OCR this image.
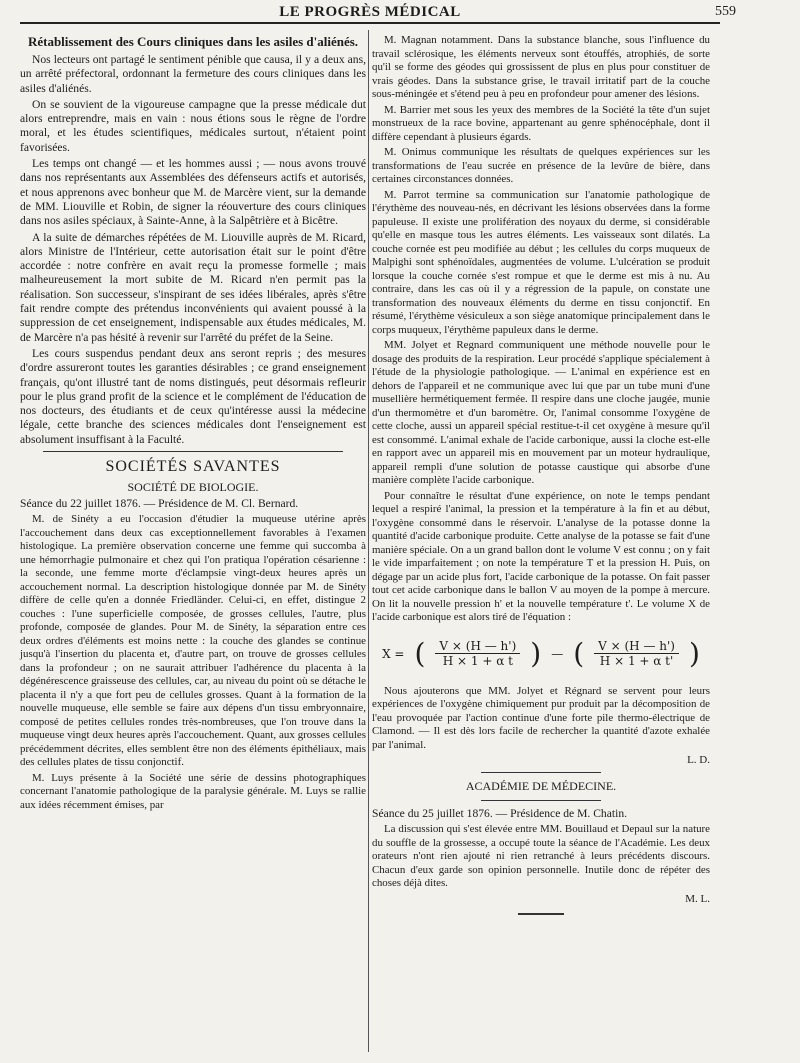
LE PROGRÈS MÉDICAL	559
Rétablissement des Cours cliniques dans les asiles d'aliénés.

Nos lecteurs ont partagé le sentiment pénible que causa, il y a deux ans, un arrêté préfectoral, ordonnant la fermeture des cours cliniques dans les asiles d'aliénés.

On se souvient de la vigoureuse campagne que la presse médicale dut alors entreprendre, mais en vain : nous étions sous le règne de l'ordre moral, et les études scientifiques, médicales surtout, n'étaient point favorisées.

Les temps ont changé — et les hommes aussi ; — nous avons trouvé dans nos représentants aux Assemblées des défenseurs actifs et autorisés, et nous apprenons avec bonheur que M. de Marcère vient, sur la demande de MM. Liouville et Robin, de signer la réouverture des cours cliniques dans nos asiles spéciaux, à Sainte-Anne, à la Salpêtrière et à Bicêtre.

A la suite de démarches répétées de M. Liouville auprès de M. Ricard, alors Ministre de l'Intérieur, cette autorisation était sur le point d'être accordée : notre confrère en avait reçu la promesse formelle ; mais malheureusement la mort subite de M. Ricard n'en permit pas la réalisation. Son successeur, s'inspirant de ses idées libérales, après s'être fait rendre compte des prétendus inconvénients qui avaient poussé à la suppression de cet enseignement, indispensable aux études médicales, M. de Marcère n'a pas hésité à revenir sur l'arrêté du préfet de la Seine.

Les cours suspendus pendant deux ans seront repris ; des mesures d'ordre assureront toutes les garanties désirables ; ce grand enseignement français, qu'ont illustré tant de noms distingués, peut désormais refleurir pour le plus grand profit de la science et le complément de l'éducation de nos docteurs, des étudiants et de ceux qu'intéresse aussi la médecine légale, cette branche des sciences médicales dont l'enseignement est absolument insuffisant à la Faculté.

SOCIÉTÉS SAVANTES
SOCIÉTÉ DE BIOLOGIE.
Séance du 22 juillet 1876. — Présidence de M. Cl. Bernard.

M. de Sinéty a eu l'occasion d'étudier la muqueuse utérine après l'accouchement dans deux cas exceptionnellement favorables à l'examen histologique. La première observation concerne une femme qui succomba à une hémorrhagie pulmonaire et chez qui l'on pratiqua l'opération césarienne : la seconde, une femme morte d'éclampsie vingt-deux heures après un accouchement normal. La description histologique donnée par M. de Sinéty diffère de celle qu'en a donnée Friedländer. Celui-ci, en effet, distingue 2 couches : l'une superficielle composée, de grosses cellules, l'autre, plus profonde, composée de glandes. Pour M. de Sinéty, la séparation entre ces deux ordres d'éléments est moins nette : la couche des glandes se continue jusqu'à l'insertion du placenta et, d'autre part, on trouve de grosses cellules dans la profondeur ; on ne saurait attribuer l'adhérence du placenta à la dégénérescence graisseuse des cellules, car, au niveau du point où se détache le placenta il n'y a que fort peu de cellules grosses. Quant à la formation de la nouvelle muqueuse, elle semble se faire aux dépens d'un tissu embryonnaire, composé de petites cellules rondes très-nombreuses, que l'on trouve dans la muqueuse vingt deux heures après l'accouchement. Quant, aux grosses cellules précédemment décrites, elles semblent être non des éléments épithéliaux, mais des cellules plates de tissu conjonctif.

M. Luys présente à la Société une série de dessins photographiques concernant l'anatomie pathologique de la paralysie générale. M. Luys se rallie aux idées récemment émises, par

M. Magnan notamment. Dans la substance blanche, sous l'influence du travail sclérosique, les éléments nerveux sont étouffés, atrophiés, de sorte qu'il se forme des géodes qui grossissent de plus en plus pour constituer de vrais géodes. Dans la substance grise, le travail irritatif part de la couche sous-méningée et s'étend peu à peu en profondeur pour amener des lésions.

M. Barrier met sous les yeux des membres de la Société la tête d'un sujet monstrueux de la race bovine, appartenant au genre sphénocéphale, dont il diffère cependant à plusieurs égards.

M. Onimus communique les résultats de quelques expériences sur les transformations de l'eau sucrée en présence de la levûre de bière, dans certaines circonstances données.

M. Parrot termine sa communication sur l'anatomie pathologique de l'érythème des nouveau-nés, en décrivant les lésions observées dans la forme papuleuse. Il existe une prolifération des noyaux du derme, si considérable qu'elle en masque tous les autres éléments. Les vaisseaux sont dilatés. La couche cornée est peu modifiée au début ; les cellules du corps muqueux de Malpighi sont sphénoïdales, augmentées de volume. L'ulcération se produit lorsque la couche cornée s'est rompue et que le derme est mis à nu. Au contraire, dans les cas où il y a régression de la papule, on constate une transformation des nouveaux éléments du derme en tissu conjonctif. En résumé, l'érythème vésiculeux a son siège anatomique principalement dans le corps muqueux, l'érythème papuleux dans le derme.

MM. Jolyet et Regnard communiquent une méthode nouvelle pour le dosage des produits de la respiration. Leur procédé s'applique spécialement à l'étude de la physiologie pathologique. — L'animal en expérience est en dehors de l'appareil et ne communique avec lui que par un tube muni d'une musellière hermétiquement fermée. Il respire dans une cloche jaugée, munie d'un thermomètre et d'un baromètre. Or, l'animal consomme l'oxygène de cette cloche, aussi un appareil spécial restitue-t-il cet oxygène à mesure qu'il est consommé. L'animal exhale de l'acide carbonique, aussi la cloche est-elle en rapport avec un appareil mis en mouvement par un moteur hydraulique, appareil rempli d'une solution de potasse caustique qui absorbe d'une manière complète l'acide carbonique.

Pour connaître le résultat d'une expérience, on note le temps pendant lequel a respiré l'animal, la pression et la température à la fin et au début, l'oxygène consommé dans le réservoir. L'analyse de la potasse donne la quantité d'acide carbonique produite. Cette analyse de la potasse se fait d'une manière spéciale. On a un grand ballon dont le volume V est connu ; on y fait le vide imparfaitement ; on note la température T et la pression H. Puis, on dégage par un acide plus fort, l'acide carbonique de la potasse. On fait passer tout cet acide carbonique dans le ballon V au moyen de la pompe à mercure. On lit la nouvelle pression h' et la nouvelle température t'. Le volume X de l'acide carbonique est alors tiré de l'équation :

X = ( $\frac{V \times (H — h')}{\text{H × 1 + α t}}$ ) — ( $\frac{V \times (H — h')}{\text{H × 1 + α t'}}$ )

Nous ajouterons que MM. Jolyet et Régnard se servent pour leurs expériences de l'oxygène chimiquement pur produit par la décomposition de l'eau provoquée par l'action continue d'une forte pile thermo-électrique de Clamond. — Il est dès lors facile de rechercher la quantité d'azote exhalée par l'animal.

L. D.
ACADÉMIE DE MÉDECINE.
Séance du 25 juillet 1876. — Présidence de M. Chatin.

La discussion qui s'est élevée entre MM. Bouillaud et Depaul sur la nature du souffle de la grossesse, a occupé toute la séance de l'Académie. Les deux orateurs n'ont rien ajouté ni rien retranché à leurs précédents discours. Chacun d'eux garde son opinion personnelle. Inutile donc de répéter des choses déjà dites.

M. L.
